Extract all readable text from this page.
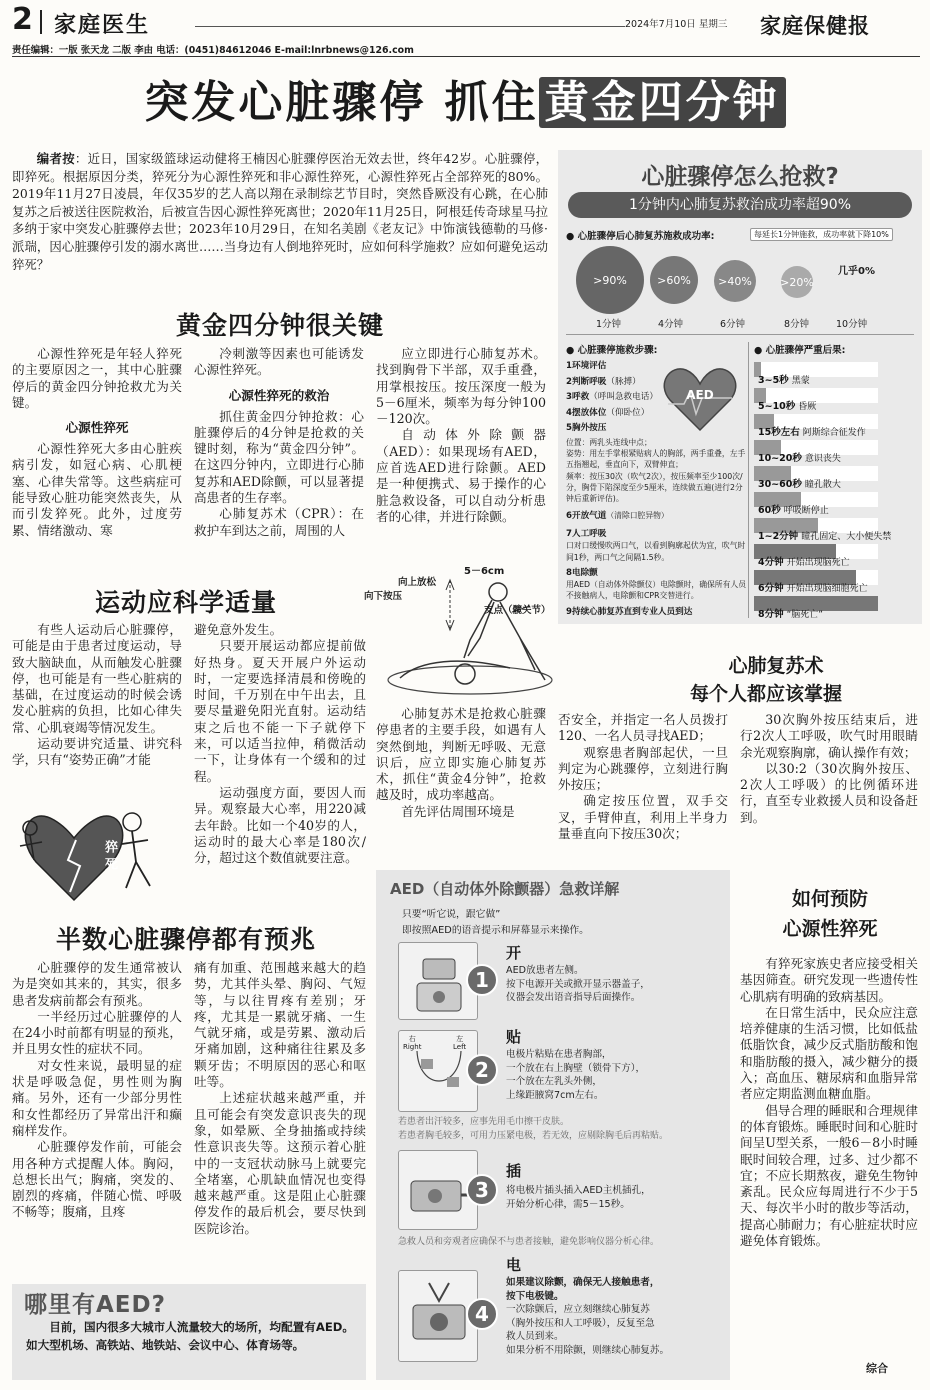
2 家庭医生	2024年7月10日 星期三 家庭保健报
责任编辑：一版 张天龙 二版 李由 电话：(0451)84612046 E-mail:lnrbnews@126.com
突发心脏骤停 抓住 黄金四分钟
编者按：近日，国家级篮球运动健将王楠因心脏骤停医治无效去世，终年42岁。心脏骤停，即猝死。根据原因分类，猝死分为心源性猝死和非心源性猝死，心源性猝死占全部猝死的80%。2019年11月27日凌晨，年仅35岁的艺人高以翔在录制综艺节目时，突然昏厥没有心跳，在心肺复苏之后被送往医院救治，后被宣告因心源性猝死离世；2020年11月25日，阿根廷传奇球星马拉多纳于家中突发心脏骤停去世；2023年10月29日，在知名美剧《老友记》中饰演钱德勒的马修·派瑞，因心脏骤停引发的溺水离世……当身边有人倒地猝死时，应如何科学施救？应如何避免运动猝死？
黄金四分钟很关键

心源性猝死是年轻人猝死的主要原因之一，其中心脏骤停后的黄金四分钟抢救尤为关键。

心源性猝死

心源性猝死大多由心脏疾病引发，如冠心病、心肌梗塞、心律失常等。这些病症可能导致心脏功能突然丧失，从而引发猝死。此外，过度劳累、情绪激动、寒

冷刺激等因素也可能诱发心源性猝死。

心源性猝死的救治

抓住黄金四分钟抢救：心脏骤停后的4分钟是抢救的关键时刻，称为“黄金四分钟”。在这四分钟内，立即进行心肺复苏和AED除颤，可以显著提高患者的生存率。

心肺复苏术（CPR）：在救护车到达之前，周围的人

应立即进行心肺复苏术。找到胸骨下半部，双手重叠，用掌根按压。按压深度一般为5－6厘米，频率为每分钟100－120次。

自动体外除颤器（AED）：如果现场有AED，应首选AED进行除颤。AED是一种便携式、易于操作的心脏急救设备，可以自动分析患者的心律，并进行除颤。

运动应科学适量

有些人运动后心脏骤停，可能是由于患者过度运动，导致大脑缺血，从而触发心脏骤停，也可能是有一些心脏病的基础，在过度运动的时候会诱发心脏病的负担，比如心律失常、心肌衰竭等情况发生。

运动要讲究适量、讲究科学，只有“姿势正确”才能

猝死

避免意外发生。

只要开展运动都应提前做好热身。夏天开展户外运动时，一定要选择清晨和傍晚的时间，千万别在中午出去，且要尽量避免阳光直射。运动结束之后也不能一下子就停下来，可以适当拉伸，稍微活动一下，让身体有一个缓和的过程。

运动强度方面，要因人而异。观察最大心率，用220减去年龄。比如一个40岁的人，运动时的最大心率是180次/分，超过这个数值就要注意。

半数心脏骤停都有预兆

心脏骤停的发生通常被认为是突如其来的，其实，很多患者发病前都会有预兆。

一半经历过心脏骤停的人在24小时前都有明显的预兆，并且男女性的症状不同。

对女性来说，最明显的症状是呼吸急促，男性则为胸痛。另外，还有一少部分男性和女性都经历了异常出汗和癫痫样发作。

心脏骤停发作前，可能会用各种方式提醒人体。胸闷，总想长出气；胸痛，突发的、剧烈的疼痛，伴随心慌、呼吸不畅等；腹痛，且疼

痛有加重、范围越来越大的趋势，尤其伴头晕、胸闷、气短等，与以往胃疼有差别；牙疼，尤其是一累就牙痛、一生气就牙痛，或是劳累、激动后牙痛加剧，这种痛往往累及多颗牙齿；不明原因的恶心和呕吐等。

上述症状越来越严重，并且可能会有突发意识丧失的现象，如晕厥、全身抽搐或持续性意识丧失等。这预示着心脏中的一支冠状动脉马上就要完全堵塞，心肌缺血情况也变得越来越严重。这是阻止心脏骤停发作的最后机会，要尽快到医院诊治。

哪里有AED?
目前，国内很多大城市人流量较大的场所，均配置有AED。如大型机场、高铁站、地铁站、会议中心、体育场等。
心脏骤停怎么抢救?
1分钟内心肺复苏救治成功率超90%
● 心脏骤停后心肺复苏施救成功率:	每延长1分钟施救，成功率就下降10%
>90%	>60%	>40%	>20%
几乎0%
1分钟	4分钟	6分钟	8分钟	10分钟
● 心脏骤停施救步骤:
1环境评估
2判断呼吸（脉搏）
3呼救（呼叫急救电话）
4摆放体位（仰卧位）
5胸外按压
AED
位置：两乳头连线中点；
姿势：用左手掌根紧贴病人的胸部，两手重叠，左手五指翘起，垂直向下，双臂伸直；
频率：按压30次（吹气2次），按压频率至少100次/分，胸骨下陷深度至少5厘米，连续做五遍(进行2分钟后重新评估)。
6开放气道（清除口腔异物）
7人工呼吸
口对口缓慢吹两口气，以看到胸廓起伏为宜，吹气时间1秒，两口气之间隔1.5秒。
8电除颤
用AED（自动体外除颤仪）电除颤时，确保所有人员不接触病人，电除颤和CPR交替进行。
9持续心肺复苏直到专业人员到达
● 心脏骤停严重后果:
3~5秒 黑蒙
5~10秒 昏厥
15秒左右 阿斯综合征发作
10~20秒 意识丧失
30~60秒 瞳孔散大
60秒 呼吸断停止
1~2分钟 瞳孔固定、大小便失禁
4分钟 开始出现脑死亡
6分钟 开始出现脑细胞死亡
8分钟 “脑死亡”
5－6cm
向上放松
向下按压
支点（髋关节）
心肺复苏术
每个人都应该掌握

心肺复苏术是抢救心脏骤停患者的主要手段，如遇有人突然倒地，判断无呼吸、无意识后，应立即实施心肺复苏术，抓住“黄金4分钟”，抢救越及时，成功率越高。

首先评估周围环境是

否安全，并指定一名人员拨打120、一名人员寻找AED；

观察患者胸部起伏，一旦判定为心跳骤停，立刻进行胸外按压；

确定按压位置，双手交叉，手臂伸直，利用上半身力量垂直向下按压30次；

30次胸外按压结束后，进行2次人工呼吸，吹气时用眼睛余光观察胸廓，确认操作有效；

以30:2（30次胸外按压、2次人工呼吸）的比例循环进行，直至专业救援人员和设备赶到。

AED（自动体外除颤器）急救详解
只要“听它说，跟它做”
即按照AED的语音提示和屏幕显示来操作。
1
开
AED放患者左侧。
按下电源开关或掀开显示器盖子，
仪器会发出语音指导后面操作。
右
Right
左
Left
2
贴
电极片粘贴在患者胸部，
一个放在右上胸壁（锁骨下方），
一个放在左乳头外侧，
上缘距腋窝7cm左右。
若患者出汗较多，应事先用毛巾擦干皮肤。
若患者胸毛较多，可用力压紧电极，若无效，应剔除胸毛后再粘贴。
3
插
将电极片插头插入AED主机插孔，
开始分析心律，需5－15秒。
急救人员和旁观者应确保不与患者接触，避免影响仪器分析心律。
4
电
如果建议除颤，确保无人接触患者，
按下电极键。
一次除颤后，应立刻继续心肺复苏
（胸外按压和人工呼吸），反复至急
救人员到来。
如果分析不用除颤，则继续心肺复苏。
如何预防
心源性猝死

有猝死家族史者应接受相关基因筛查。研究发现一些遗传性心肌病有明确的致病基因。

在日常生活中，民众应注意培养健康的生活习惯，比如低盐低脂饮食，减少反式脂肪酸和饱和脂肪酸的摄入，减少糖分的摄入；高血压、糖尿病和血脂异常者应定期监测血糖血脂。

倡导合理的睡眠和合理规律的体育锻炼。睡眠时间和心脏时间呈U型关系，一般6－8小时睡眠时间较合理，过多、过少都不宜；不应长期熬夜，避免生物钟紊乱。民众应每周进行不少于5天、每次半小时的散步等活动，提高心肺耐力；有心脏症状时应避免体育锻炼。

综合
